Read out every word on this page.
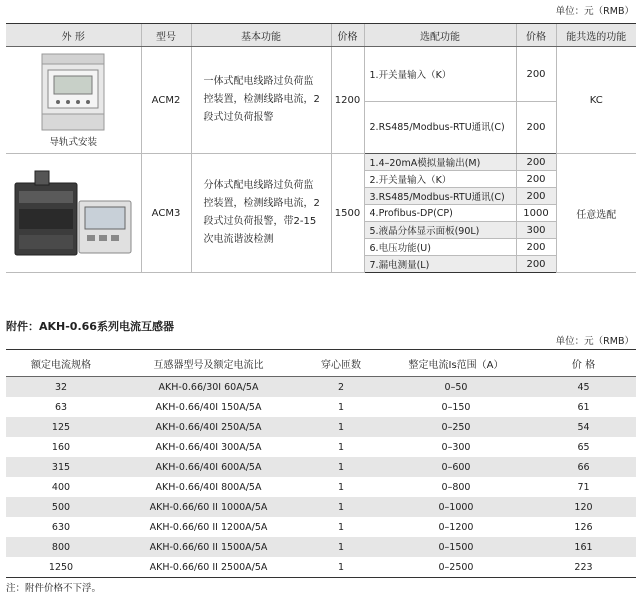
单位：元（RMB）
外 形	型号	基本功能	价格	选配功能	价格	能共选的功能

导轨式安装	ACM2	一体式配电线路过负荷监控装置，检测线路电流，2段式过负荷报警	1200	1.开关量输入（K）	200	KC
				2.RS485/Modbus-RTU通讯(C)	200	

	ACM3	分体式配电线路过负荷监控装置，检测线路电流，2段式过负荷报警，带2-15次电流谐波检测	1500	1.4–20mA模拟量输出(M)	200	任意选配
				2.开关量输入（K）	200	
				3.RS485/Modbus-RTU通讯(C)	200	
				4.Profibus-DP(CP)	1000	
				5.液晶分体显示面板(90L)	300	
				6.电压功能(U)	200	
				7.漏电测量(L)	200	
附件：AKH-0.66系列电流互感器
单位：元（RMB）
额定电流规格	互感器型号及额定电流比	穿心匝数	整定电流Is范围（A）	价 格
32	AKH-0.66/30I 60A/5A	2	0–50	45
63	AKH-0.66/40I 150A/5A	1	0–150	61
125	AKH-0.66/40I 250A/5A	1	0–250	54
160	AKH-0.66/40I 300A/5A	1	0–300	65
315	AKH-0.66/40I 600A/5A	1	0–600	66
400	AKH-0.66/40I 800A/5A	1	0–800	71
500	AKH-0.66/60 II 1000A/5A	1	0–1000	120
630	AKH-0.66/60 II 1200A/5A	1	0–1200	126
800	AKH-0.66/60 II 1500A/5A	1	0–1500	161
1250	AKH-0.66/60 II 2500A/5A	1	0–2500	223
注：附件价格不下浮。
